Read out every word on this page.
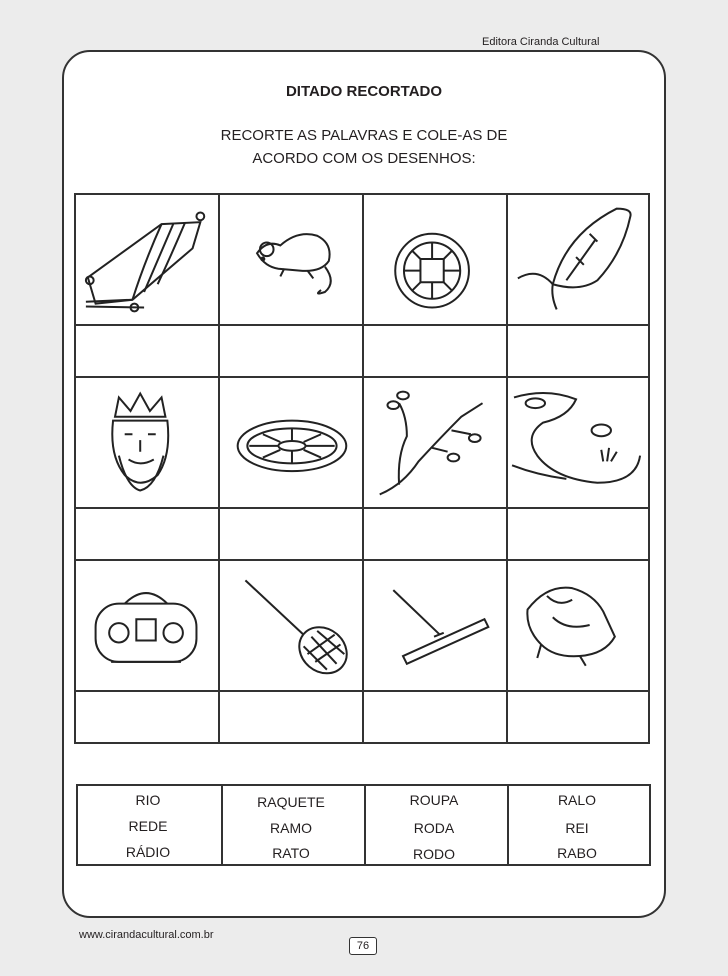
Editora Ciranda Cultural
DITADO RECORTADO
RECORTE AS PALAVRAS E COLE-AS DE
ACORDO COM OS DESENHOS:
RIO
REDE
RÁDIO
RAQUETE
RAMO
RATO
ROUPA
RODA
RODO
RALO
REI
RABO
www.cirandacultural.com.br
76
